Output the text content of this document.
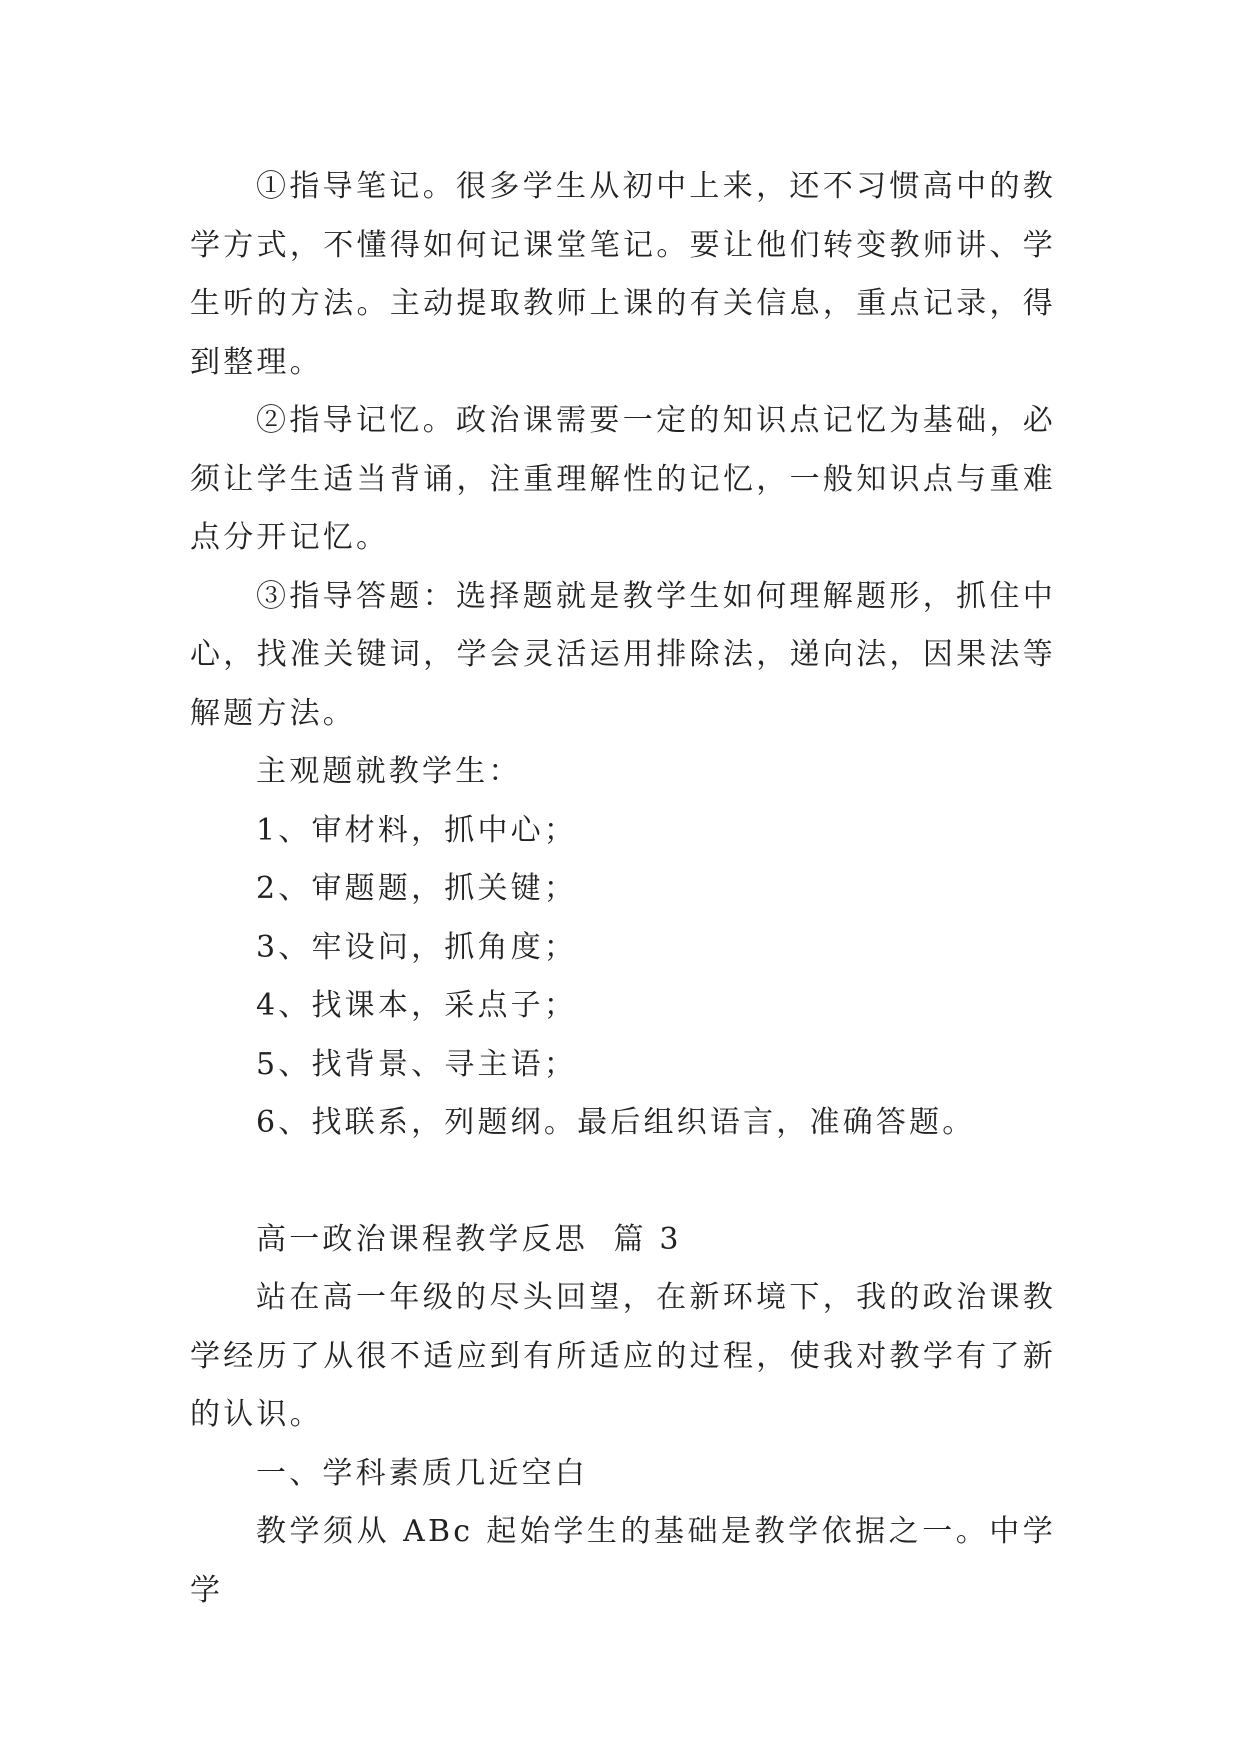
①指导笔记。很多学生从初中上来，还不习惯高中的教学方式，不懂得如何记课堂笔记。要让他们转变教师讲、学生听的方法。主动提取教师上课的有关信息，重点记录，得到整理。

②指导记忆。政治课需要一定的知识点记忆为基础，必须让学生适当背诵，注重理解性的记忆，一般知识点与重难点分开记忆。

③指导答题：选择题就是教学生如何理解题形，抓住中心，找准关键词，学会灵活运用排除法，递向法，因果法等解题方法。

主观题就教学生：

1、审材料，抓中心；

2、审题题，抓关键；

3、牢设问，抓角度；

4、找课本，采点子；

5、找背景、寻主语；

6、找联系，列题纲。最后组织语言，准确答题。

高一政治课程教学反思  篇 3

站在高一年级的尽头回望，在新环境下，我的政治课教学经历了从很不适应到有所适应的过程，使我对教学有了新的认识。

一、学科素质几近空白

教学须从 ABc 起始学生的基础是教学依据之一。中学学
